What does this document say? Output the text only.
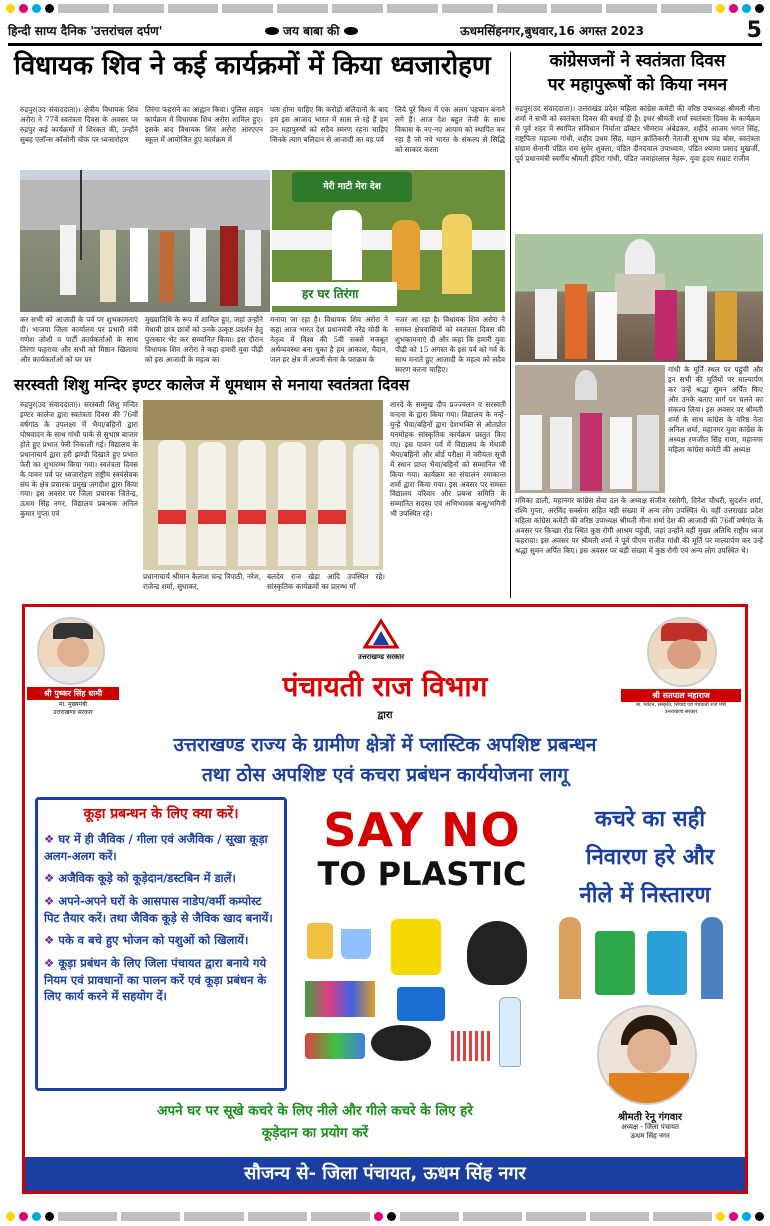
हिन्दी साप्य दैनिक 'उत्तरांचल दर्पण'	जय बाबा की	ऊधमसिंहनगर,बुधवार,16 अगस्त 2023	5
विधायक शिव ने कई कार्यक्रमों में किया ध्वजारोहण
रुद्रपुर(उद संवाददाता)। क्षेत्रीय विधायक शिव अरोरा ने 77वें स्वतंत्रता दिवस के अवसर पर रुद्रपुर कई कार्यक्रमों में शिरकत की, उन्होंने सुबह एलॉन्स कॉलोनी चौक पर ध्वजारोहण
तिरंगा फहराने का आह्वान किया। पुलिस लाइन कार्यक्रम में विधायक शिव अरोरा शामिल हुए। इसके बाद विधायक शिव अरोरा आरएएन स्कूल में आयोजित हुए कार्यक्रम में
पता होना चाहिए कि करोड़ो बलिदानों के बाद हम इस आजाद भारत में सास ले रहे हैं हम उन महापुरुषों को सदैव स्मरण रहना चाहिए जिनके त्याग बलिदान से आजादी का यह पर्व
लिये पूरे विश्व में एक अलग पहचान बनाने लगे हैं। आज देश बहुत तेजी के साथ विकास के नए-नए आयाम को स्थापित कर रहा है जो नये भारत के संकल्प से सिद्धि को साकार करता
मेरी माटी मेरा देश
हर घर तिरंगा
कर सभी को आजादी के पर्व पर शुभकामनाएं दी। भाजपा जिला कार्यालय पर प्रभारी मंत्री गणेश जोशी व पार्टी कार्यकर्ताओं के साथ तिरंगा फहराया और सभी को मिष्ठान खिलाया और कार्यकर्ताओं को घर घर
मुख्यातिथि के रूप में शामिल हुए, जहां उन्होंने मेधावी छात्र छात्रों को उनके उत्कृष्ट प्रदर्शन हेतु पुरस्कार भेंट कर सम्मानित किया। इस दौरान विधायक शिव अरोरा ने कहा हमारी युवा पीढ़ी को इस आजादी के महत्व का
मनाया जा रहा है। विधायक शिव अरोरा ने कहा आज भारत देश प्रधानमंत्री नरेंद्र मोदी के नेतृत्व में विश्व की 5वी सबसे मजबूत अर्थव्यवस्था बना चुका है हम आकाश, मैदान, जल हर क्षेत्र में अपनी सेना के पराक्रम के
नजर आ रहा है। विधायक शिव अरोरा ने समस्त क्षेत्रवासियों को स्वतंत्रता दिवस की शुभकामनाएं दी और कहा कि हमारी युवा पीढ़ी को 15 अगस्त के इस पर्व को गर्व के साथ मनाते हुए आजादी के महत्व को सदैव स्मरण करना चाहिए।
कांग्रेसजनों ने स्वतंत्रता दिवस
पर महापुरूषों को किया नमन
रुद्रपुर(उद संवाददाता)। उत्तराखंड प्रदेश महिला कांग्रेस कमेटी की वरिष्ठ उपाध्यक्ष श्रीमती मीना शर्मा ने सभी को स्वतंत्रता दिवस की बधाई दी है। इधर श्रीमती शर्मा स्वतंत्रता दिवस के कार्यक्रम से पूर्व शहर में स्थापित संविधान निर्माता डॉक्टर भीमराव अंबेडकर, शहीदे आजम भगत सिंह, राष्ट्रपिता महात्मा गांधी, शहीद उधम सिंह, महान क्रांतिकारी नेताजी सुभाष चंद्र बोस, स्वतंत्रता संग्राम सेनानी पंडित राम सुमेर शुक्ला, पंडित दीनदयाल उपाध्याय, पंडित श्यामा प्रसाद मुखर्जी, पूर्व प्रधानमंत्री स्वर्गीय श्रीमती इंदिरा गांधी, पंडित जवाहरलाल नेहरू, युवा हृदय सम्राट राजीव
गांधी के मूर्ति स्थल पर पहुंची और इन सभी की मूर्तियों पर माल्यार्पण कर उन्हें श्रद्धा सुमन अर्पित किए और उनके बताए मार्ग पर चलने का संकल्प लिया। इस अवसर पर श्रीमती शर्मा के साथ कांग्रेस के वरिष्ठ नेता अनिल शर्मा, महानगर युवा कांग्रेस के अध्यक्ष रणजीत सिंह राणा, महानगर महिला कांग्रेस कमेटी की अध्यक्ष
ममिका डाली, महानगर कांग्रेस सेवा दल के अध्यक्ष संजीव रस्तोगी, दिनेश चौधरी, सुदर्शन शर्मा, रश्मि गुप्ता, अरविंद सक्सेना सहित बड़ी संख्या में अन्य लोग उपस्थित थे। वहीं उत्तराखंड प्रदेश महिला कांग्रेस कमेटी की वरिष्ठ उपाध्यक्ष श्रीमती मीना शर्मा देश की आजादी की 76वीं वर्षगांठ के अवसर पर किच्छा रोड स्थित कुष्ठ रोगी आश्रम पहुंची, जहां उन्होंने वहीं मुख्य अतिथि राष्ट्रीय ध्वज फहराया। इस अवसर पर श्रीमती शर्मा ने पूर्व पीएम राजीव गांधी की मूर्ति पर माल्यार्पण कर उन्हें श्रद्धा सुमन अर्पित किए। इस अवसर पर बड़ी संख्या में कुष्ठ रोगी एवं अन्य लोग उपस्थित थे।
सरस्वती शिशु मन्दिर इण्टर कालेज में धूमधाम से मनाया स्वतंत्रता दिवस
रुद्रपुर(उद संवाददाता)। सरस्वती शिशु मन्दिर इण्टर कालेज द्वारा स्वतंत्रता दिवस की 76वीं वर्षगांठ के उपलक्ष्य में भैया/बहिनों द्वारा घोषवादन के साथ गांधी पार्क से सुभाष बाजार होते हुए प्रभात फेरी निकाली गई। विद्यालय के प्रधानाचार्य द्वारा हरी झण्डी दिखाते हुए प्रभात फेरी का शुभारम्भ किया गया। स्वतंत्रता दिवस के पावन पर्व पर ध्वजारोहण राष्ट्रीय स्वयंसेवक संघ के क्षेत्र प्रचारक प्रमुख जगदीश द्वारा किया गया। इस अवसर पर जिला प्रचारक जितेन्द्र, ऊधम सिंह नगर, विद्यालय प्रबन्धक अनिल कुमार गुप्ता एवं
प्रधानाचार्य श्रीमान कैलाश चन्द्र त्रिपाठी, नरेश, राजेन्द्र शर्मा, सुधाकर,
बलदेव राज खेड़ा आदि उपस्थित रहे। सांस्कृतिक कार्यक्रमों का प्रारम्भ माँ
शारदे के सम्मुख दीप प्रज्ज्वलन व सरस्वती वन्दना के द्वारा किया गया। विद्यालय के नन्हें-मुन्हें भैया/बहिनों द्वारा देशभक्ति से ओतप्रोत मनमोहक सांस्कृतिक कार्यक्रम प्रस्तुत किए गए। इस पावन पर्व में विद्यालय के मेधावी भैया/बहिनों और बोर्ड परीक्षा में वरीयता सूची में स्थान प्राप्त भैया/बहिनों को सम्मानित भी किया गया। कार्यक्रम का संचालन रमाकान्त शर्मा द्वारा किया गया। इस अवसर पर समस्त विद्यालय परिवार और प्रबन्ध समिति के सम्मानित सदस्य एवं अभिभावक बन्धु/भगिनी भी उपस्थित रहे।
श्री पुष्कर सिंह धामी
मा. मुख्यमंत्री
उत्तराखण्ड सरकार
उत्तराखण्ड सरकार
पंचायती राज विभाग
द्वारा
श्री सतपाल महाराज
मा. पर्यटन, संस्कृति, सिंचाई एवं पंचायती राज मंत्री
उत्तराखण्ड सरकार
उत्तराखण्ड राज्य के ग्रामीण क्षेत्रों में प्लास्टिक अपशिष्ट प्रबन्धन
तथा ठोस अपशिष्ट एवं कचरा प्रबंधन कार्ययोजना लागू
कूड़ा प्रबन्धन के लिए क्या करें।
❖ घर में ही जैविक / गीला एवं अजैविक / सूखा कूड़ा अलग-अलग करें।
❖ अजैविक कूड़े को कूड़ेदान/डस्टबिन में डालें।
❖ अपने-अपने घरों के आसपास नाडेप/वर्मी कम्पोस्ट पिट तैयार करें। तथा जैविक कूड़े से जैविक खाद बनायें।
❖ पके व बचे हुए भोजन को पशुओं को खिलायें।
❖ कूड़ा प्रबंधन के लिए जिला पंचायत द्वारा बनाये गये नियम एवं प्रावधानों का पालन करें एवं कूड़ा प्रबंधन के लिए कार्य करने में सहयोग दें।
SAY NO
TO PLASTIC
कचरे का सही
निवारण हरे और
नीले में निस्तारण
श्रीमती रेनू गंगवार
अध्यक्ष - जिला पंचायत
ऊधम सिंह नगर
अपने घर पर सूखे कचरे के लिए नीले और गीले कचरे के लिए हरे
कूड़ेदान का प्रयोग करें
सौजन्य से- जिला पंचायत, ऊधम सिंह नगर
